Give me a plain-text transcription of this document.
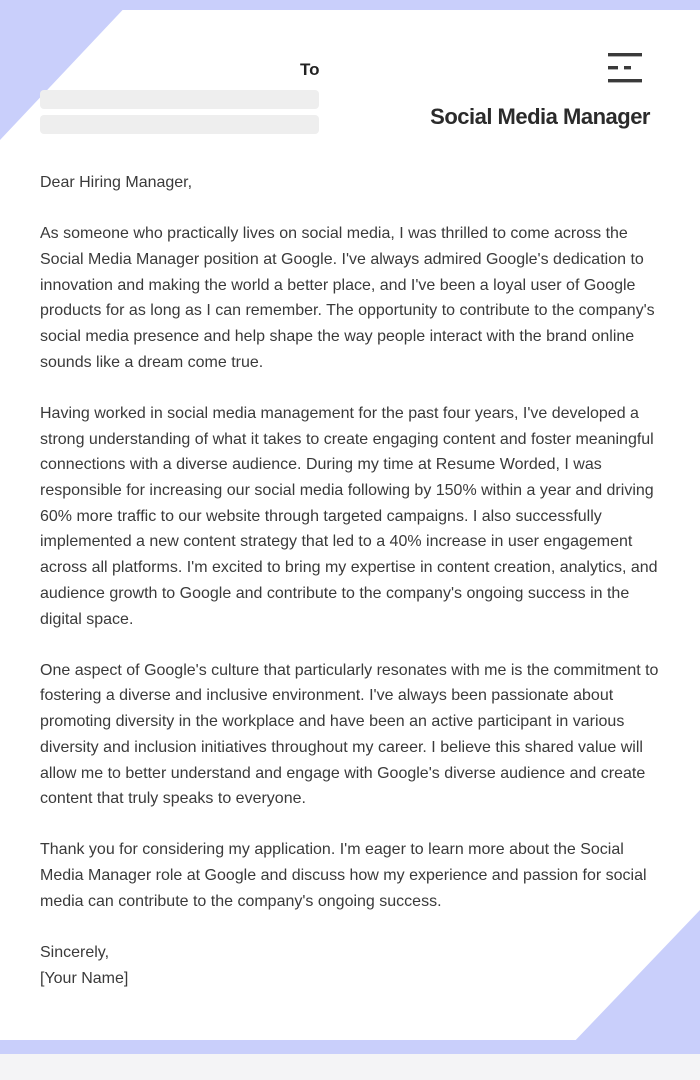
To
Social Media Manager

Dear Hiring Manager,

As someone who practically lives on social media, I was thrilled to come across the Social Media Manager position at Google. I've always admired Google's dedication to innovation and making the world a better place, and I've been a loyal user of Google products for as long as I can remember. The opportunity to contribute to the company's social media presence and help shape the way people interact with the brand online sounds like a dream come true.

Having worked in social media management for the past four years, I've developed a strong understanding of what it takes to create engaging content and foster meaningful connections with a diverse audience. During my time at Resume Worded, I was responsible for increasing our social media following by 150% within a year and driving 60% more traffic to our website through targeted campaigns. I also successfully implemented a new content strategy that led to a 40% increase in user engagement across all platforms. I'm excited to bring my expertise in content creation, analytics, and audience growth to Google and contribute to the company's ongoing success in the digital space.

One aspect of Google's culture that particularly resonates with me is the commitment to fostering a diverse and inclusive environment. I've always been passionate about promoting diversity in the workplace and have been an active participant in various diversity and inclusion initiatives throughout my career. I believe this shared value will allow me to better understand and engage with Google's diverse audience and create content that truly speaks to everyone.

Thank you for considering my application. I'm eager to learn more about the Social Media Manager role at Google and discuss how my experience and passion for social media can contribute to the company's ongoing success.

Sincerely,

[Your Name]
